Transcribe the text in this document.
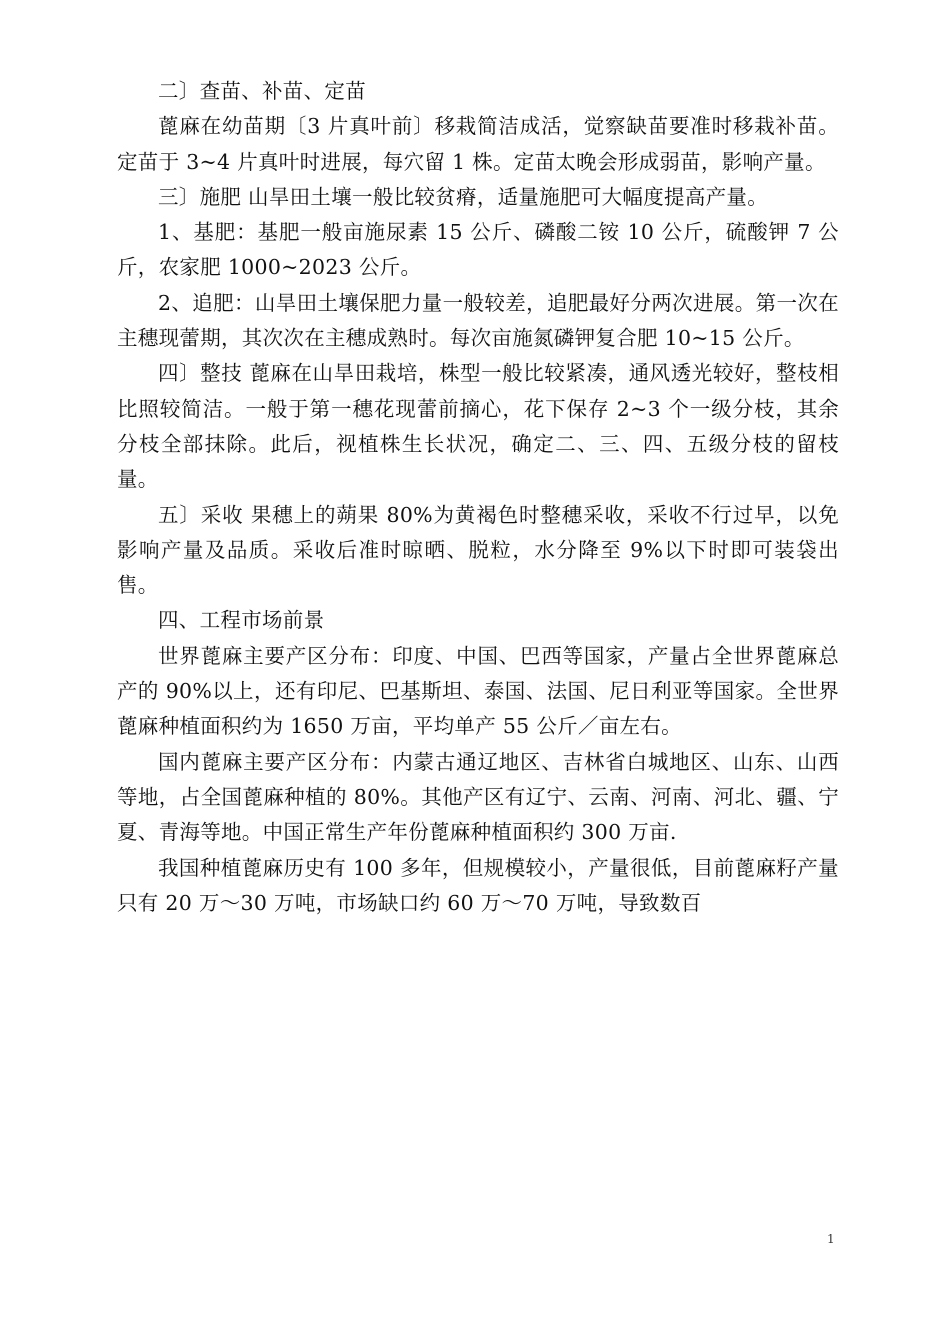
二〕查苗、补苗、定苗

蓖麻在幼苗期〔3 片真叶前〕移栽简洁成活，觉察缺苗要准时移栽补苗。定苗于 3~4 片真叶时进展，每穴留 1 株。定苗太晚会形成弱苗，影响产量。

三〕施肥 山旱田土壤一般比较贫瘠，适量施肥可大幅度提高产量。

1、基肥：基肥一般亩施尿素 15 公斤、磷酸二铵 10 公斤，硫酸钾 7 公斤，农家肥 1000~2023 公斤。

2、追肥：山旱田土壤保肥力量一般较差，追肥最好分两次进展。第一次在主穗现蕾期，其次次在主穗成熟时。每次亩施氮磷钾复合肥 10~15 公斤。

四〕整技 蓖麻在山旱田栽培，株型一般比较紧凑，通风透光较好，整枝相比照较简洁。一般于第一穗花现蕾前摘心，花下保存 2~3 个一级分枝，其余分枝全部抹除。此后，视植株生长状况，确定二、三、四、五级分枝的留枝量。

五〕采收 果穗上的蒴果 80%为黄褐色时整穗采收，采收不行过早，以免影响产量及品质。采收后准时晾晒、脱粒，水分降至 9%以下时即可装袋出售。

四、工程市场前景

世界蓖麻主要产区分布：印度、中国、巴西等国家，产量占全世界蓖麻总产的 90%以上，还有印尼、巴基斯坦、泰国、法国、尼日利亚等国家。全世界蓖麻种植面积约为 1650 万亩，平均单产 55 公斤／亩左右。

国内蓖麻主要产区分布：内蒙古通辽地区、吉林省白城地区、山东、山西等地，占全国蓖麻种植的 80%。其他产区有辽宁、云南、河南、河北、疆、宁夏、青海等地。中国正常生产年份蓖麻种植面积约 300 万亩.

我国种植蓖麻历史有 100 多年，但规模较小，产量很低，目前蓖麻籽产量只有 20 万～30 万吨，市场缺口约 60 万～70 万吨，导致数百

1
